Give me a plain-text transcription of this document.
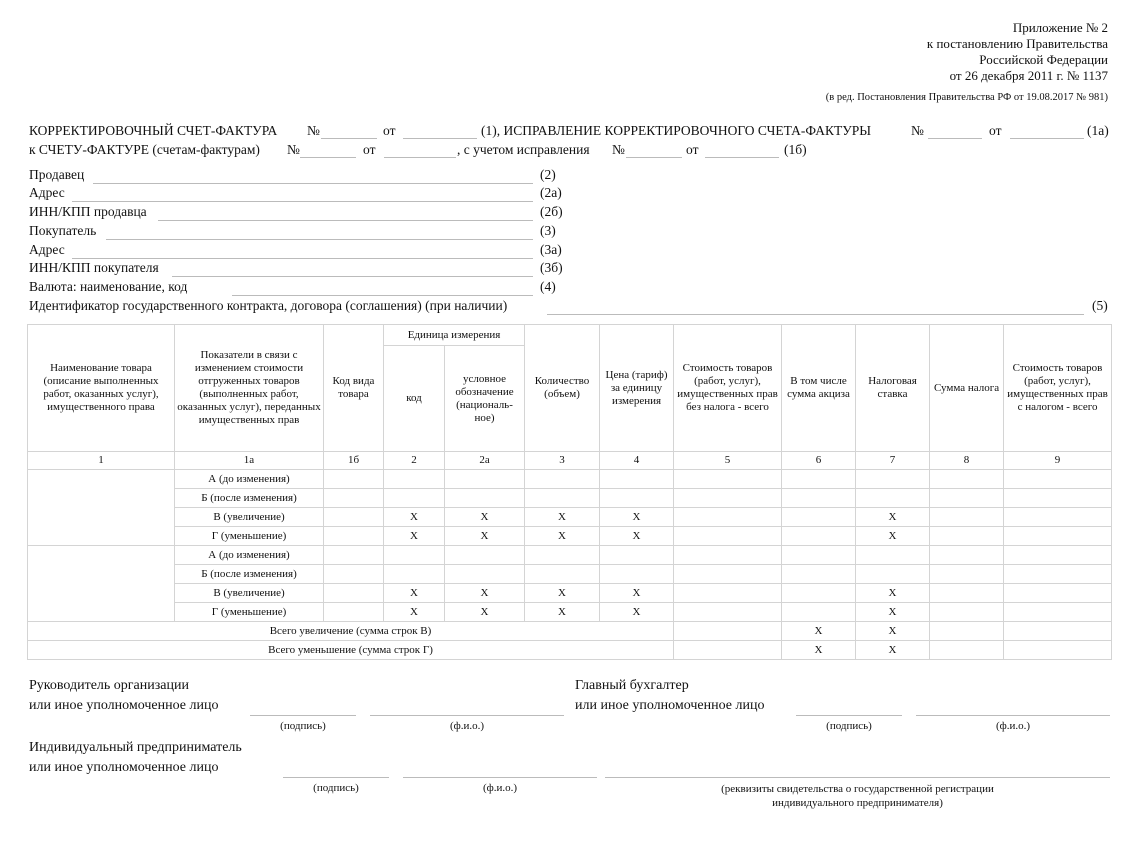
Приложение № 2
к постановлению Правительства
Российской Федерации
от 26 декабря 2011 г. № 1137
(в ред. Постановления Правительства РФ от 19.08.2017 № 981)
КОРРЕКТИРОВОЧНЫЙ СЧЕТ-ФАКТУРА №	от	(1), ИСПРАВЛЕНИЕ КОРРЕКТИРОВОЧНОГО СЧЕТА-ФАКТУРЫ	№	от	(1а)
к СЧЕТУ-ФАКТУРЕ (счетам-фактурам) №	от	, с учетом исправления №	от	(1б)
Продавец	(2)
Адрес	(2а)
ИНН/КПП продавца	(2б)
Покупатель	(3)
Адрес	(3а)
ИНН/КПП покупателя	(3б)
Валюта: наименование, код	(4)
Идентификатор государственного контракта, договора (соглашения) (при наличии)	(5)
Наименование товара (описание выполненных работ, оказанных услуг), имущественного права	Показатели в связи с изменением стоимости отгруженных товаров (выполненных работ, оказанных услуг), переданных имущественных прав	Код вида товара	Единица измерения		Количество (объем)	Цена (тариф) за единицу измерения	Стоимость товаров (работ, услуг), имущественных прав без налога - всего	В том числе сумма акциза	Налоговая ставка	Сумма налога	Стоимость товаров (работ, услуг), имущественных прав с налогом - всего
			код	условное обозначение (националь-ное)							
1	1а	1б	2	2а	3	4	5	6	7	8	9
	А (до изменения)										
	Б (после изменения)										
	В (увеличение)		X	X	X	X			X		
	Г (уменьшение)		X	X	X	X			X		
	А (до изменения)										
	Б (после изменения)										
	В (увеличение)		X	X	X	X			X		
	Г (уменьшение)		X	X	X	X			X		
Всего увеличение (сумма строк В)								X	X		
Всего уменьшение (сумма строк Г)								X	X		
Руководитель организации
или иное уполномоченное лицо
(подпись)	(ф.и.о.)
Главный бухгалтер
или иное уполномоченное лицо
(подпись)	(ф.и.о.)
Индивидуальный предприниматель
или иное уполномоченное лицо
(подпись)	(ф.и.о.)	(реквизиты свидетельства о государственной регистрации
индивидуального предпринимателя)
